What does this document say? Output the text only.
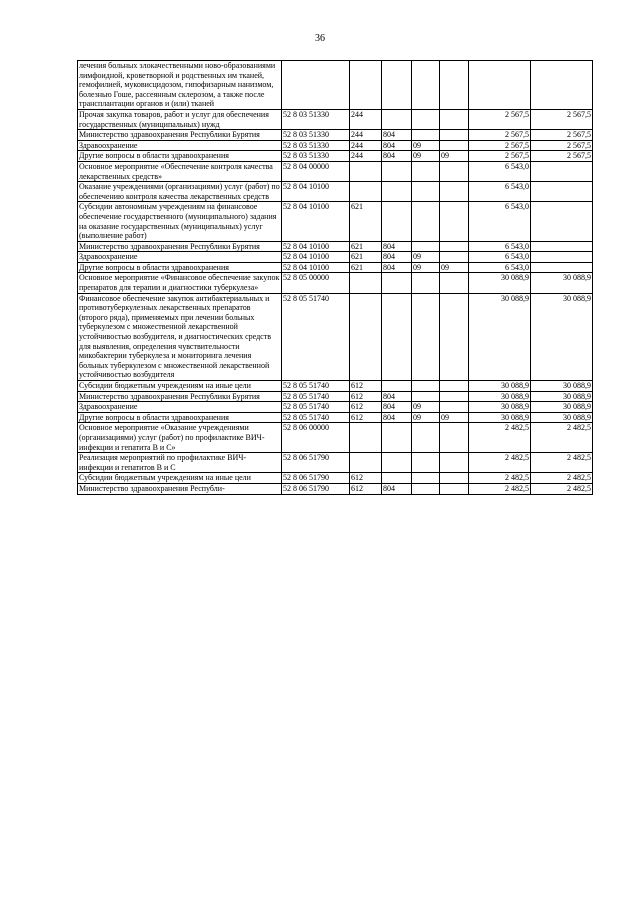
36
лечения больных злокачественными ново-образованиями лимфоидной, кроветворной и родственных им тканей, гемофилией, муковисцидозом, гипофизарным нанизмом, болезнью Гоше, рассеянным склерозом, а также после трансплантации органов и (или) тканей							
Прочая закупка товаров, работ и услуг для обеспечения государственных (муниципальных) нужд	52 8 03 51330	244				2 567,5	2 567,5
Министерство здравоохранения Республики Бурятия	52 8 03 51330	244	804			2 567,5	2 567,5
Здравоохранение	52 8 03 51330	244	804	09		2 567,5	2 567,5
Другие вопросы в области здравоохранения	52 8 03 51330	244	804	09	09	2 567,5	2 567,5
Основное мероприятие «Обеспечение контроля качества лекарственных средств»	52 8 04 00000					6 543,0	
Оказание учреждениями (организациями) услуг (работ) по обеспечению контроля качества лекарственных средств	52 8 04 10100					6 543,0	
Субсидии автономным учреждениям на финансовое обеспечение государственного (муниципального) задания на оказание государственных (муниципальных) услуг (выполнение работ)	52 8 04 10100	621				6 543,0	
Министерство здравоохранения Республики Бурятия	52 8 04 10100	621	804			6 543,0	
Здравоохранение	52 8 04 10100	621	804	09		6 543,0	
Другие вопросы в области здравоохранения	52 8 04 10100	621	804	09	09	6 543,0	
Основное мероприятие «Финансовое обеспечение закупок препаратов для терапии и диагностики туберкулеза»	52 8 05 00000					30 088,9	30 088,9
Финансовое обеспечение закупок антибактериальных и противотуберкулезных лекарственных препаратов (второго ряда), применяемых при лечении больных туберкулезом с множественной лекарственной устойчивостью возбудителя, и диагностических средств для выявления, определения чувствительности микобактерии туберкулеза и мониторинга лечения больных туберкулезом с множественной лекарственной устойчивостью возбудителя	52 8 05 51740					30 088,9	30 088,9
Субсидии бюджетным учреждениям на иные цели	52 8 05 51740	612				30 088,9	30 088,9
Министерство здравоохранения Республики Бурятия	52 8 05 51740	612	804			30 088,9	30 088,9
Здравоохранение	52 8 05 51740	612	804	09		30 088,9	30 088,9
Другие вопросы в области здравоохранения	52 8 05 51740	612	804	09	09	30 088,9	30 088,9
Основное мероприятие «Оказание учреждениями (организациями) услуг (работ) по профилактике ВИЧ-инфекции и гепатита В и С»	52 8 06 00000					2 482,5	2 482,5
Реализация мероприятий по профилактике ВИЧ-инфекции и гепатитов В и С	52 8 06 51790					2 482,5	2 482,5
Субсидии бюджетным учреждениям на иные цели	52 8 06 51790	612				2 482,5	2 482,5
Министерство здравоохранения Республи-	52 8 06 51790	612	804			2 482,5	2 482,5
